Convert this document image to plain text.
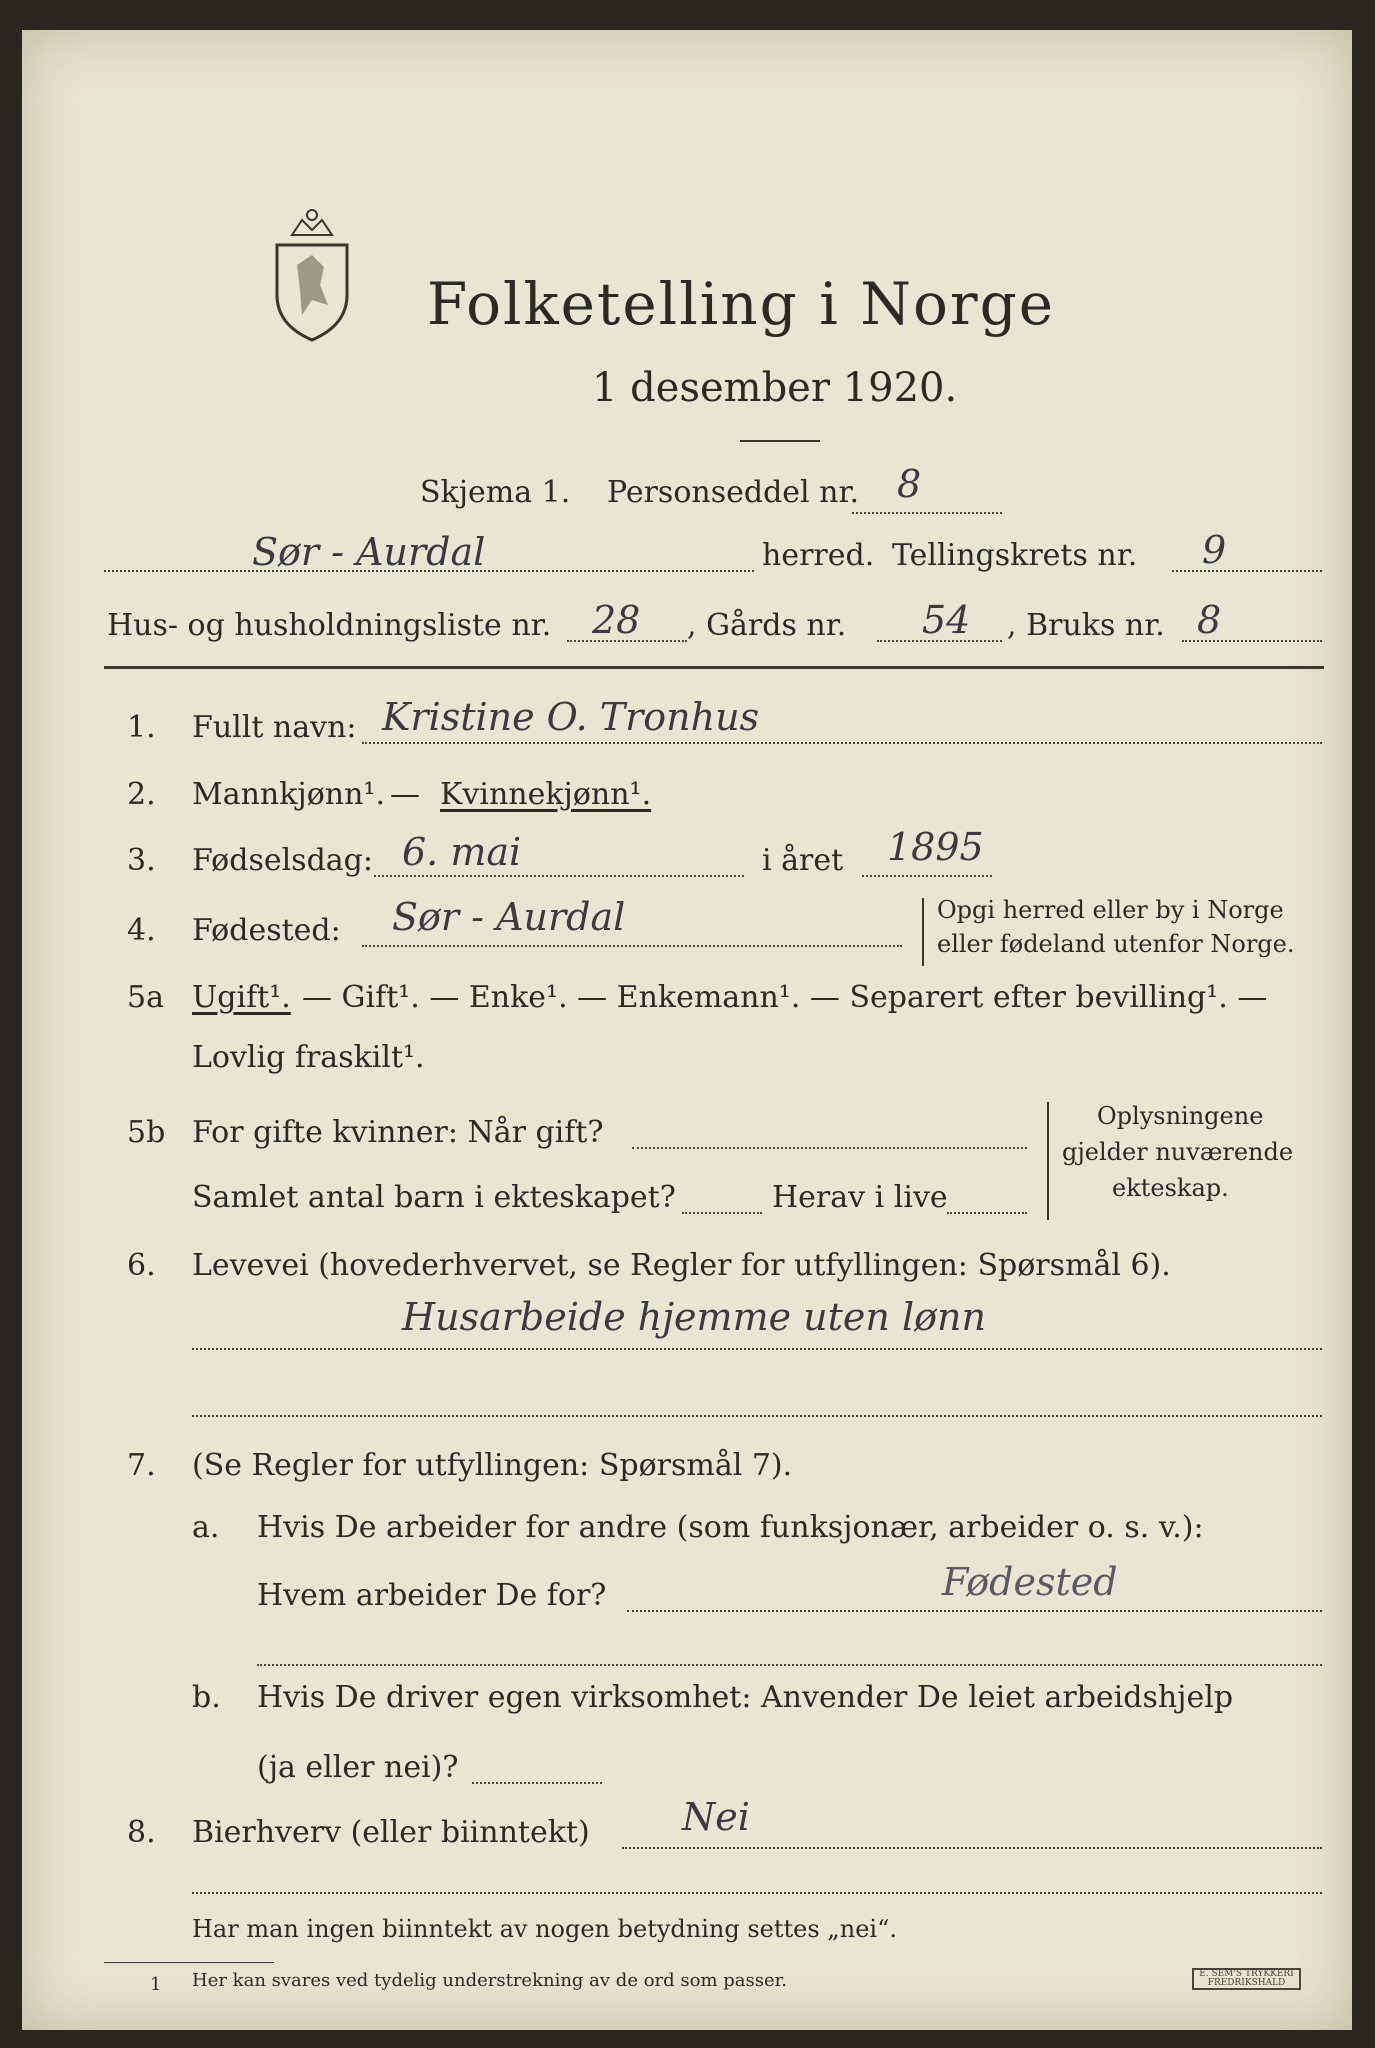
Folketelling i Norge
1 desember 1920.
Skjema 1. Personseddel nr. 8
Sør - Aurdal	herred. Tellingskrets nr. 9
Hus- og husholdningsliste nr. 28 , Gårds nr. 54 , Bruks nr. 8
1. Fullt navn: Kristine O. Tronhus
2. Mannkjønn¹. — Kvinnekjønn¹.
3. Fødselsdag: 6. mai	i året 1895
4. Fødested: Sør - Aurdal	Opgi herred eller by i Norge
eller fødeland utenfor Norge.
5a Ugift¹. — Gift¹. — Enke¹. — Enkemann¹. — Separert efter bevilling¹. —
Lovlig fraskilt¹.
5b For gifte kvinner: Når gift?
Samlet antal barn i ekteskapet?	Herav i live
Oplysningene
gjelder nuværende
ekteskap.
6. Levevei (hovederhvervet, se Regler for utfyllingen: Spørsmål 6).
Husarbeide hjemme uten lønn
7. (Se Regler for utfyllingen: Spørsmål 7).
a. Hvis De arbeider for andre (som funksjonær, arbeider o. s. v.):
Hvem arbeider De for?	Fødested
b. Hvis De driver egen virksomhet: Anvender De leiet arbeidshjelp
(ja eller nei)?
8. Bierhverv (eller biinntekt) Nei
Har man ingen biinntekt av nogen betydning settes „nei“.
1 Her kan svares ved tydelig understrekning av de ord som passer.	E. SEM'S TRYKKERI FREDRIKSHALD
